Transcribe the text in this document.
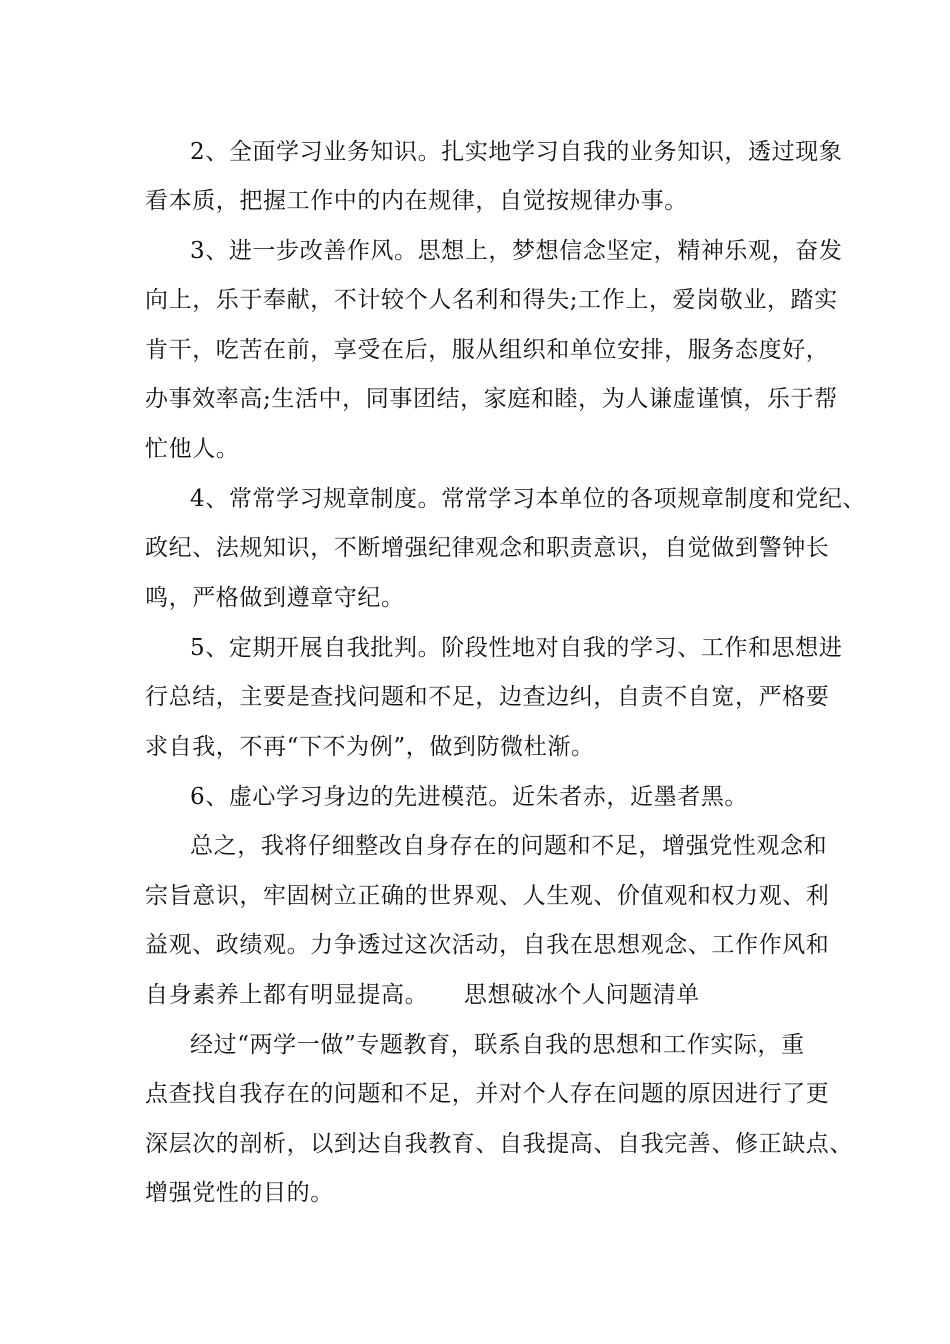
2、全面学习业务知识。扎实地学习自我的业务知识，透过现象
看本质，把握工作中的内在规律，自觉按规律办事。
3、进一步改善作风。思想上，梦想信念坚定，精神乐观，奋发
向上，乐于奉献，不计较个人名利和得失;工作上，爱岗敬业，踏实
肯干，吃苦在前，享受在后，服从组织和单位安排，服务态度好，
办事效率高;生活中，同事团结，家庭和睦，为人谦虚谨慎，乐于帮
忙他人。
4、常常学习规章制度。常常学习本单位的各项规章制度和党纪、
政纪、法规知识，不断增强纪律观念和职责意识，自觉做到警钟长
鸣，严格做到遵章守纪。
5、定期开展自我批判。阶段性地对自我的学习、工作和思想进
行总结，主要是查找问题和不足，边查边纠，自责不自宽，严格要
求自我，不再“下不为例”，做到防微杜渐。
6、虚心学习身边的先进模范。近朱者赤，近墨者黑。
总之，我将仔细整改自身存在的问题和不足，增强党性观念和
宗旨意识，牢固树立正确的世界观、人生观、价值观和权力观、利
益观、政绩观。力争透过这次活动，自我在思想观念、工作作风和
自身素养上都有明显提高。　　思想破冰个人问题清单
经过“两学一做”专题教育，联系自我的思想和工作实际，重
点查找自我存在的问题和不足，并对个人存在问题的原因进行了更
深层次的剖析，以到达自我教育、自我提高、自我完善、修正缺点、
增强党性的目的。
